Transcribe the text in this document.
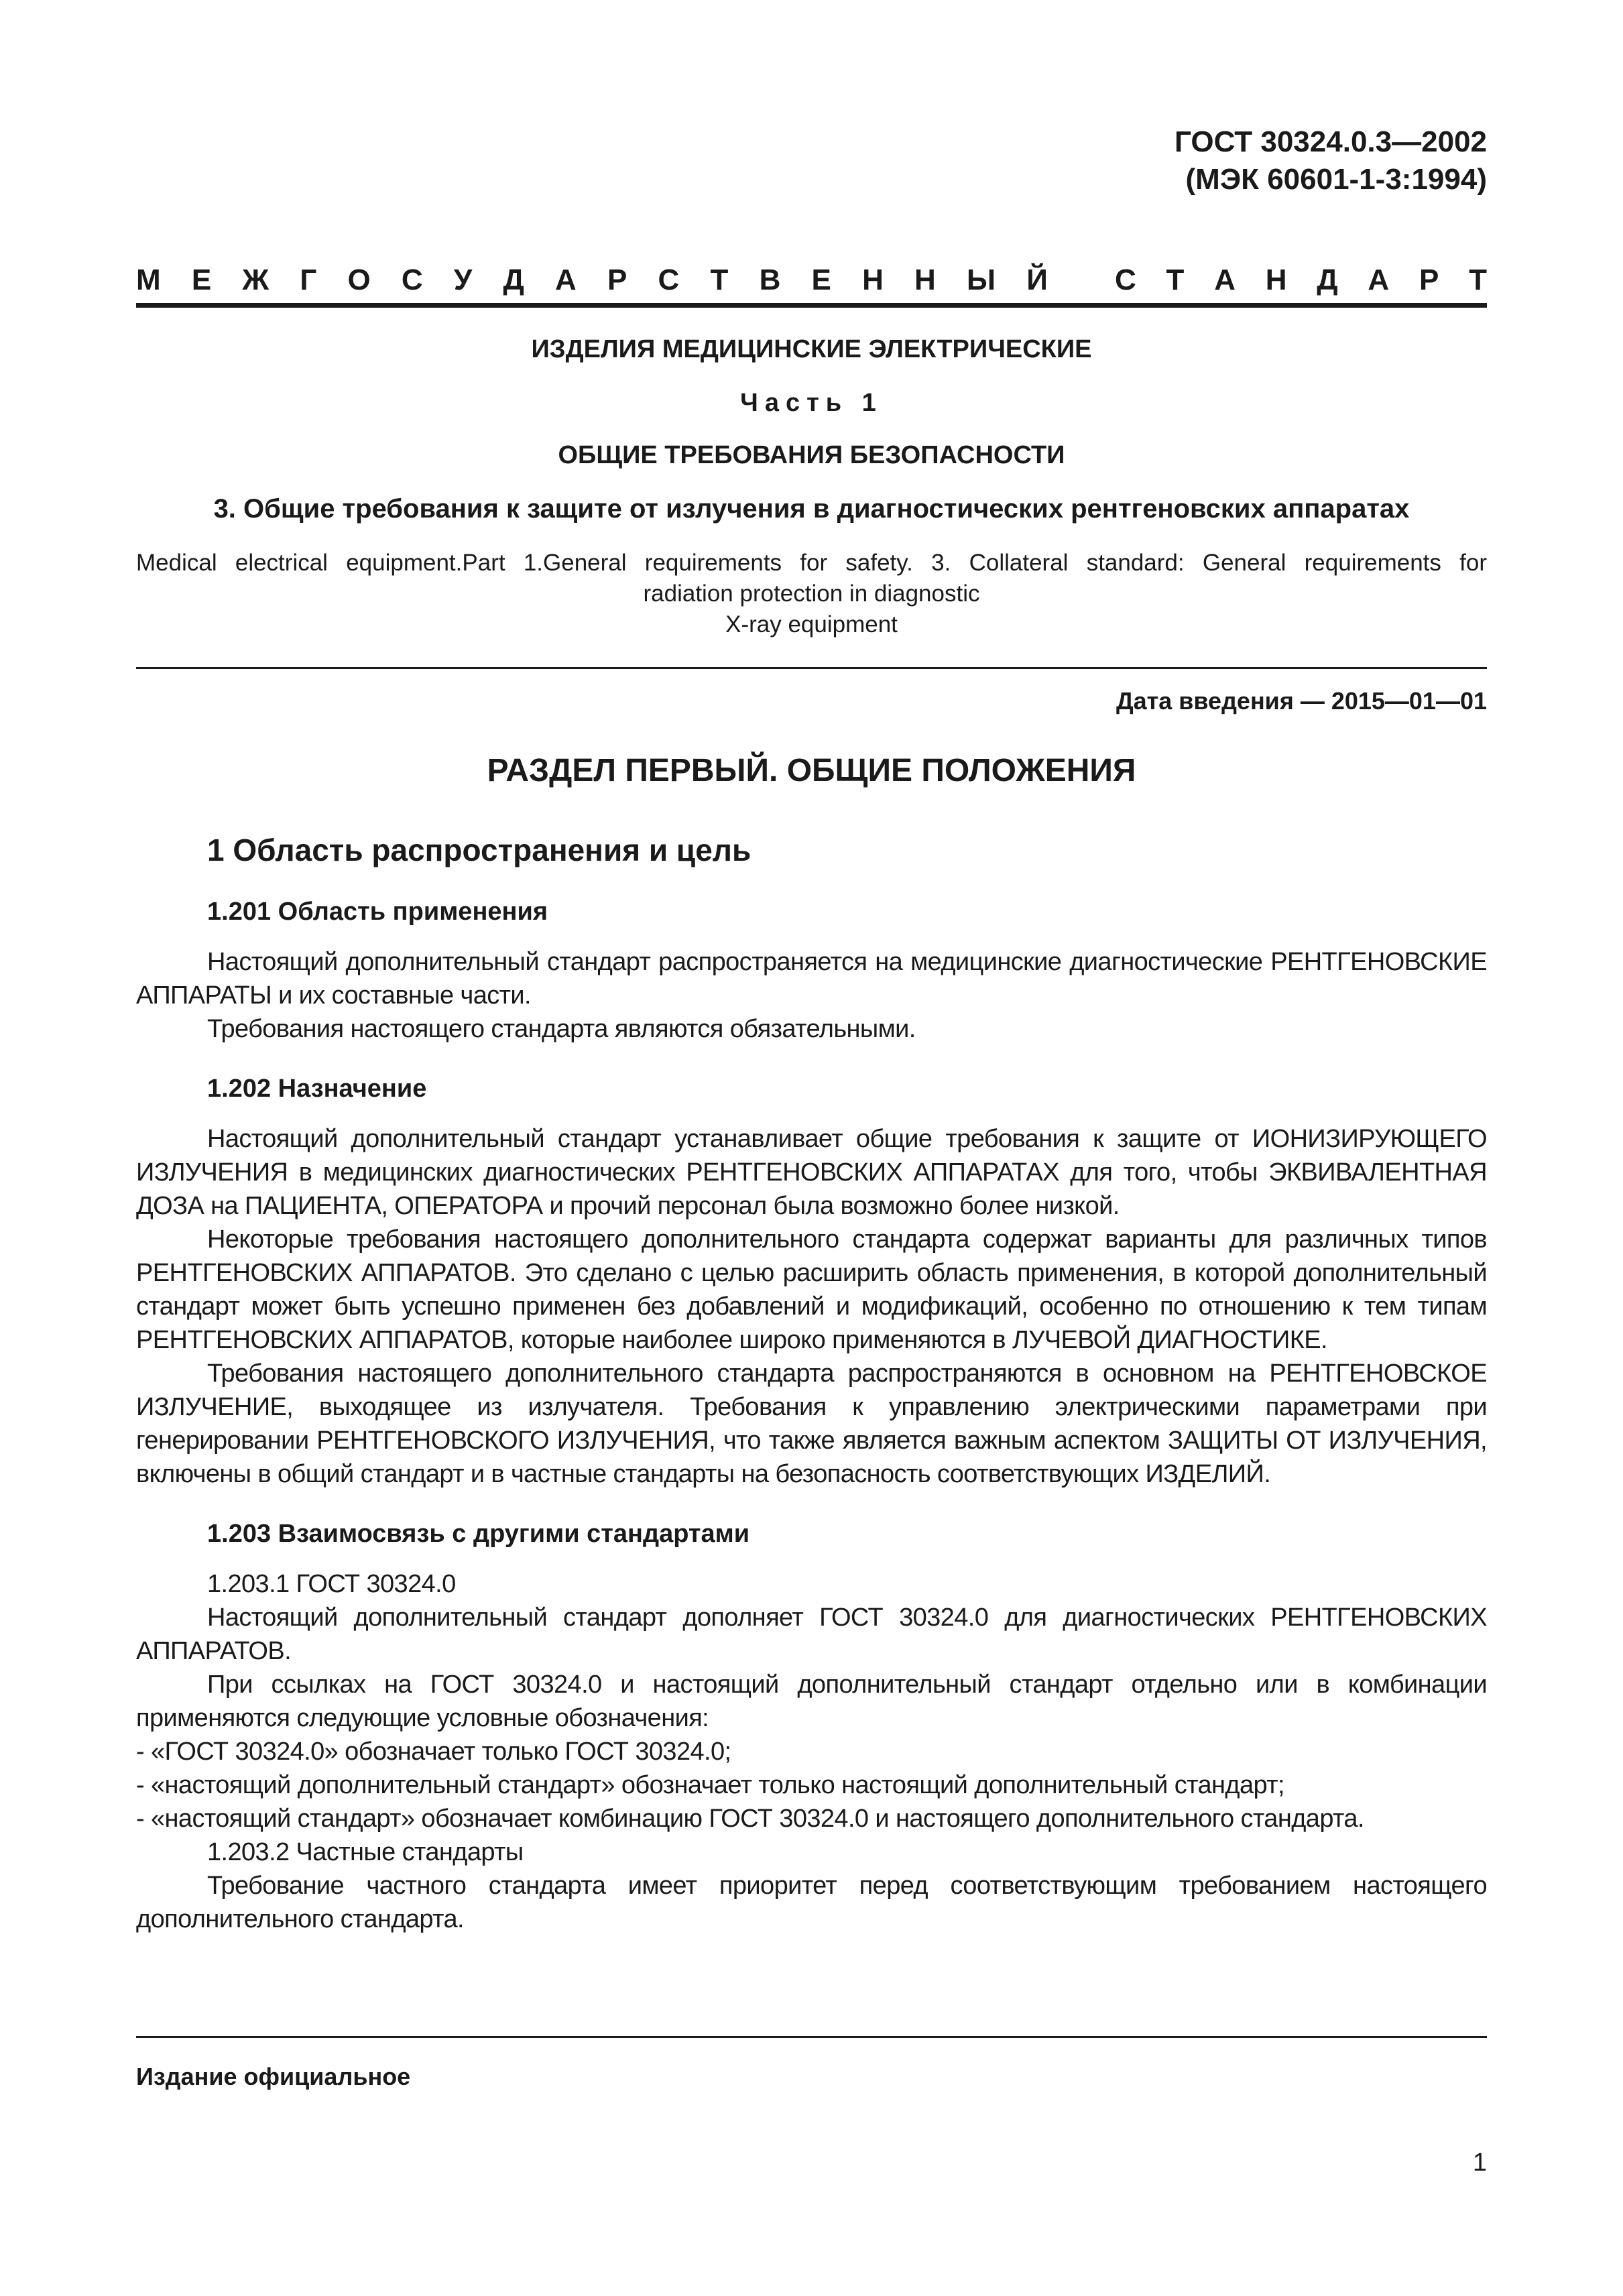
ГОСТ 30324.0.3—2002
(МЭК 60601-1-3:1994)
М Е Ж Г О С У Д А Р С Т В Е Н Н Ы Й С Т А Н Д А Р Т
ИЗДЕЛИЯ МЕДИЦИНСКИЕ ЭЛЕКТРИЧЕСКИЕ
Часть 1
ОБЩИЕ ТРЕБОВАНИЯ БЕЗОПАСНОСТИ
3. Общие требования к защите от излучения в диагностических рентгеновских аппаратах
Medical electrical equipment.Part 1.General requirements for safety. 3. Collateral standard: General requirements for
radiation protection in diagnostic
X-ray equipment
Дата введения — 2015—01—01
РАЗДЕЛ ПЕРВЫЙ. ОБЩИЕ ПОЛОЖЕНИЯ
1 Область распространения и цель
1.201 Область применения

Настоящий дополнительный стандарт распространяется на медицинские диагностические РЕНТГЕНОВСКИЕ АППАРАТЫ и их составные части.

Требования настоящего стандарта являются обязательными.

1.202 Назначение

Настоящий дополнительный стандарт устанавливает общие требования к защите от ИОНИЗИРУЮЩЕГО ИЗЛУЧЕНИЯ в медицинских диагностических РЕНТГЕНОВСКИХ АППАРАТАХ для того, чтобы ЭКВИВАЛЕНТНАЯ ДОЗА на ПАЦИЕНТА, ОПЕРАТОРА и прочий персонал была возможно более низкой.

Некоторые требования настоящего дополнительного стандарта содержат варианты для различных типов РЕНТГЕНОВСКИХ АППАРАТОВ. Это сделано с целью расширить область применения, в которой дополнительный стандарт может быть успешно применен без добавлений и модификаций, особенно по отношению к тем типам РЕНТГЕНОВСКИХ АППАРАТОВ, которые наиболее широко применяются в ЛУЧЕВОЙ ДИАГНОСТИКЕ.

Требования настоящего дополнительного стандарта распространяются в основном на РЕНТГЕНОВСКОЕ ИЗЛУЧЕНИЕ, выходящее из излучателя. Требования к управлению электрическими параметрами при генерировании РЕНТГЕНОВСКОГО ИЗЛУЧЕНИЯ, что также является важным аспектом ЗАЩИТЫ ОТ ИЗЛУЧЕНИЯ, включены в общий стандарт и в частные стандарты на безопасность соответствующих ИЗДЕЛИЙ.

1.203 Взаимосвязь с другими стандартами

1.203.1 ГОСТ 30324.0

Настоящий дополнительный стандарт дополняет ГОСТ 30324.0 для диагностических РЕНТГЕНОВСКИХ АППАРАТОВ.

При ссылках на ГОСТ 30324.0 и настоящий дополнительный стандарт отдельно или в комбинации применяются следующие условные обозначения:

- «ГОСТ 30324.0» обозначает только ГОСТ 30324.0;

- «настоящий дополнительный стандарт» обозначает только настоящий дополнительный стандарт;

- «настоящий стандарт» обозначает комбинацию ГОСТ 30324.0 и настоящего дополнительного стандарта.

1.203.2 Частные стандарты

Требование частного стандарта имеет приоритет перед соответствующим требованием настоящего дополнительного стандарта.

Издание официальное
1
